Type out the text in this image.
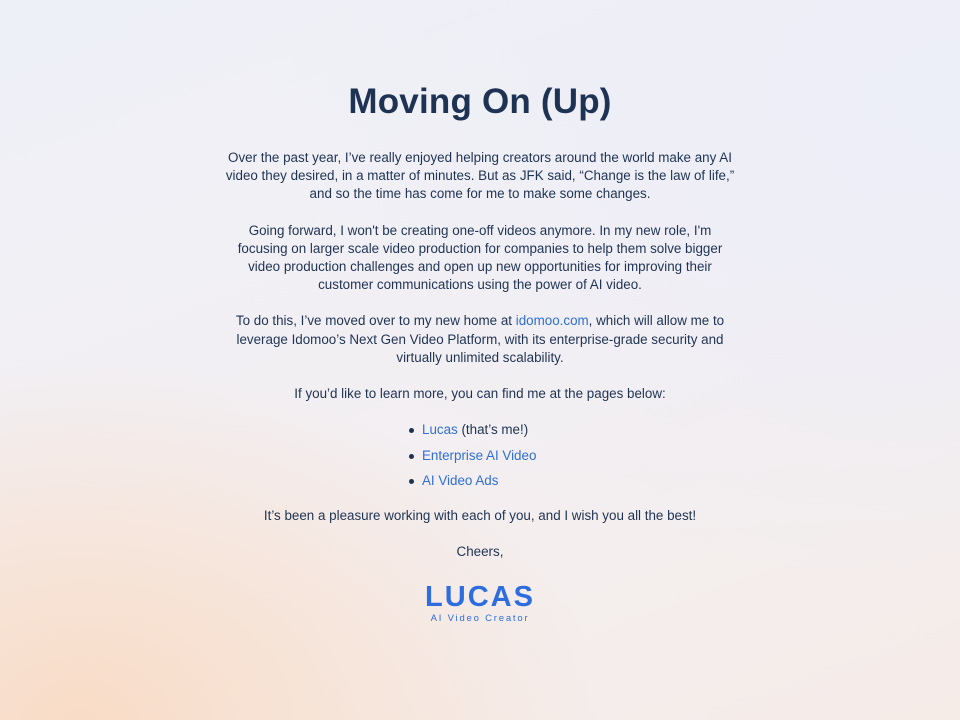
Moving On (Up)

Over the past year, I’ve really enjoyed helping creators around the world make any AI video they desired, in a matter of minutes. But as JFK said, “Change is the law of life,” and so the time has come for me to make some changes.

Going forward, I won't be creating one-off videos anymore. In my new role, I'm focusing on larger scale video production for companies to help them solve bigger video production challenges and open up new opportunities for improving their customer communications using the power of AI video.

To do this, I’ve moved over to my new home at idomoo.com, which will allow me to leverage Idomoo’s Next Gen Video Platform, with its enterprise-grade security and virtually unlimited scalability.

If you’d like to learn more, you can find me at the pages below:

Lucas (that’s me!)
Enterprise AI Video
AI Video Ads

It’s been a pleasure working with each of you, and I wish you all the best!

Cheers,

LUCAS
AI Video Creator
